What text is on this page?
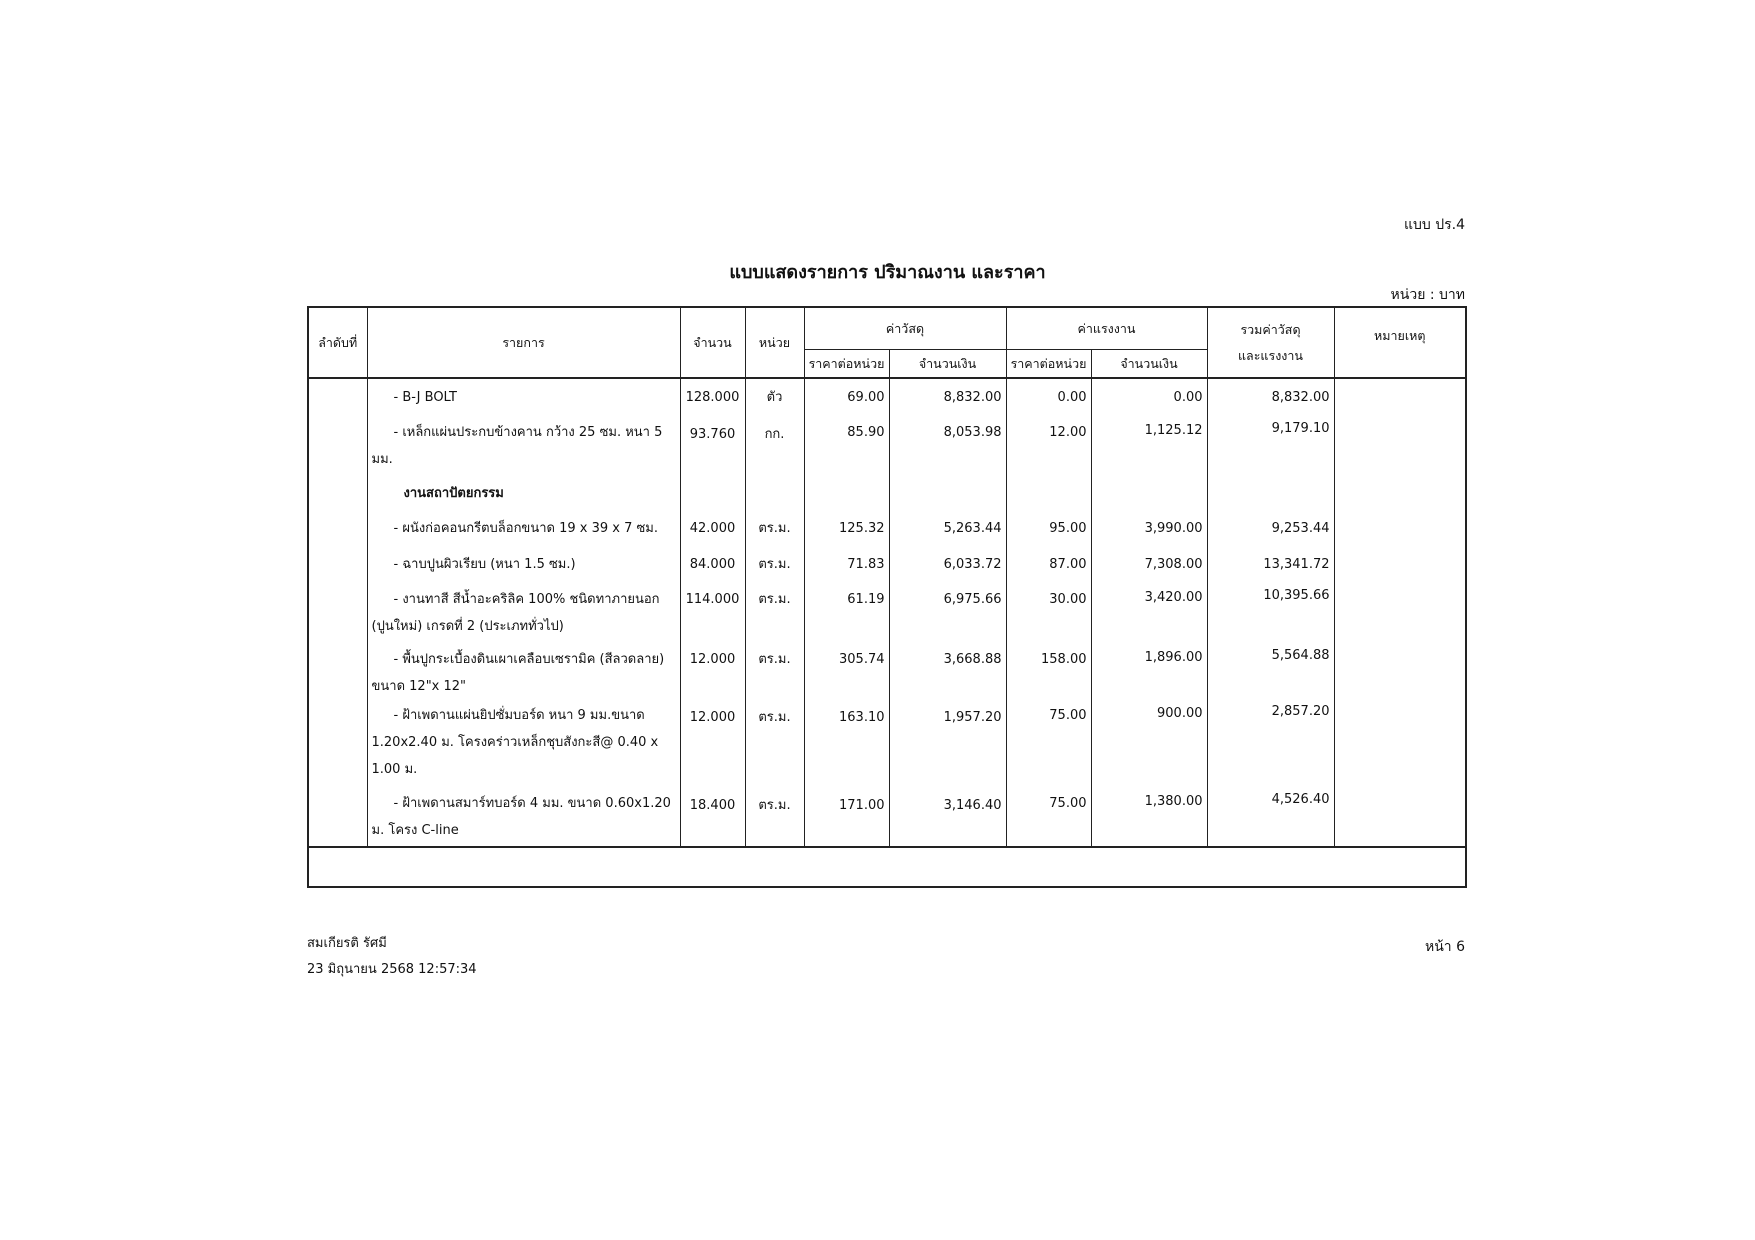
แบบ ปร.4
แบบแสดงรายการ ปริมาณงาน และราคา
หน่วย : บาท
ลำดับที่	รายการ	จำนวน	หน่วย	ค่าวัสดุ		ค่าแรงงาน		รวมค่าวัสดุ
และแรงงาน	หมายเหตุ
				ราคาต่อหน่วย	จำนวนเงิน	ราคาต่อหน่วย	จำนวนเงิน		

	- B-J BOLT	128.000	ตัว	69.00	8,832.00	0.00	0.00	8,832.00	

	- เหล็กแผ่นประกบข้างคาน กว้าง 25 ซม. หนา 5
มม.	93.760	กก.	85.90	8,053.98	12.00	1,125.12	9,179.10	
	งานสถาปัตยกรรม								

	- ผนังก่อคอนกรีตบล็อกขนาด 19 x 39 x 7 ซม.	42.000	ตร.ม.	125.32	5,263.44	95.00	3,990.00	9,253.44	

	- ฉาบปูนผิวเรียบ (หนา 1.5 ซม.)	84.000	ตร.ม.	71.83	6,033.72	87.00	7,308.00	13,341.72	

	- งานทาสี สีน้ำอะคริลิค 100% ชนิดทาภายนอก
(ปูนใหม่) เกรดที่ 2 (ประเภททั่วไป)	114.000	ตร.ม.	61.19	6,975.66	30.00	3,420.00	10,395.66	

	- พื้นปูกระเบื้องดินเผาเคลือบเซรามิค (สีลวดลาย)
ขนาด 12"x 12"	12.000	ตร.ม.	305.74	3,668.88	158.00	1,896.00	5,564.88	

	- ฝ้าเพดานแผ่นยิปซั่มบอร์ด หนา 9 มม.ขนาด
1.20x2.40 ม. โครงคร่าวเหล็กชุบสังกะสี@ 0.40 x
1.00 ม.	12.000	ตร.ม.	163.10	1,957.20	75.00	900.00	2,857.20	

	- ฝ้าเพดานสมาร์ทบอร์ด 4 มม. ขนาด 0.60x1.20
ม. โครง C-line	18.400	ตร.ม.	171.00	3,146.40	75.00	1,380.00	4,526.40	

สมเกียรติ รัศมี
23 มิถุนายน 2568 12:57:34
หน้า 6
